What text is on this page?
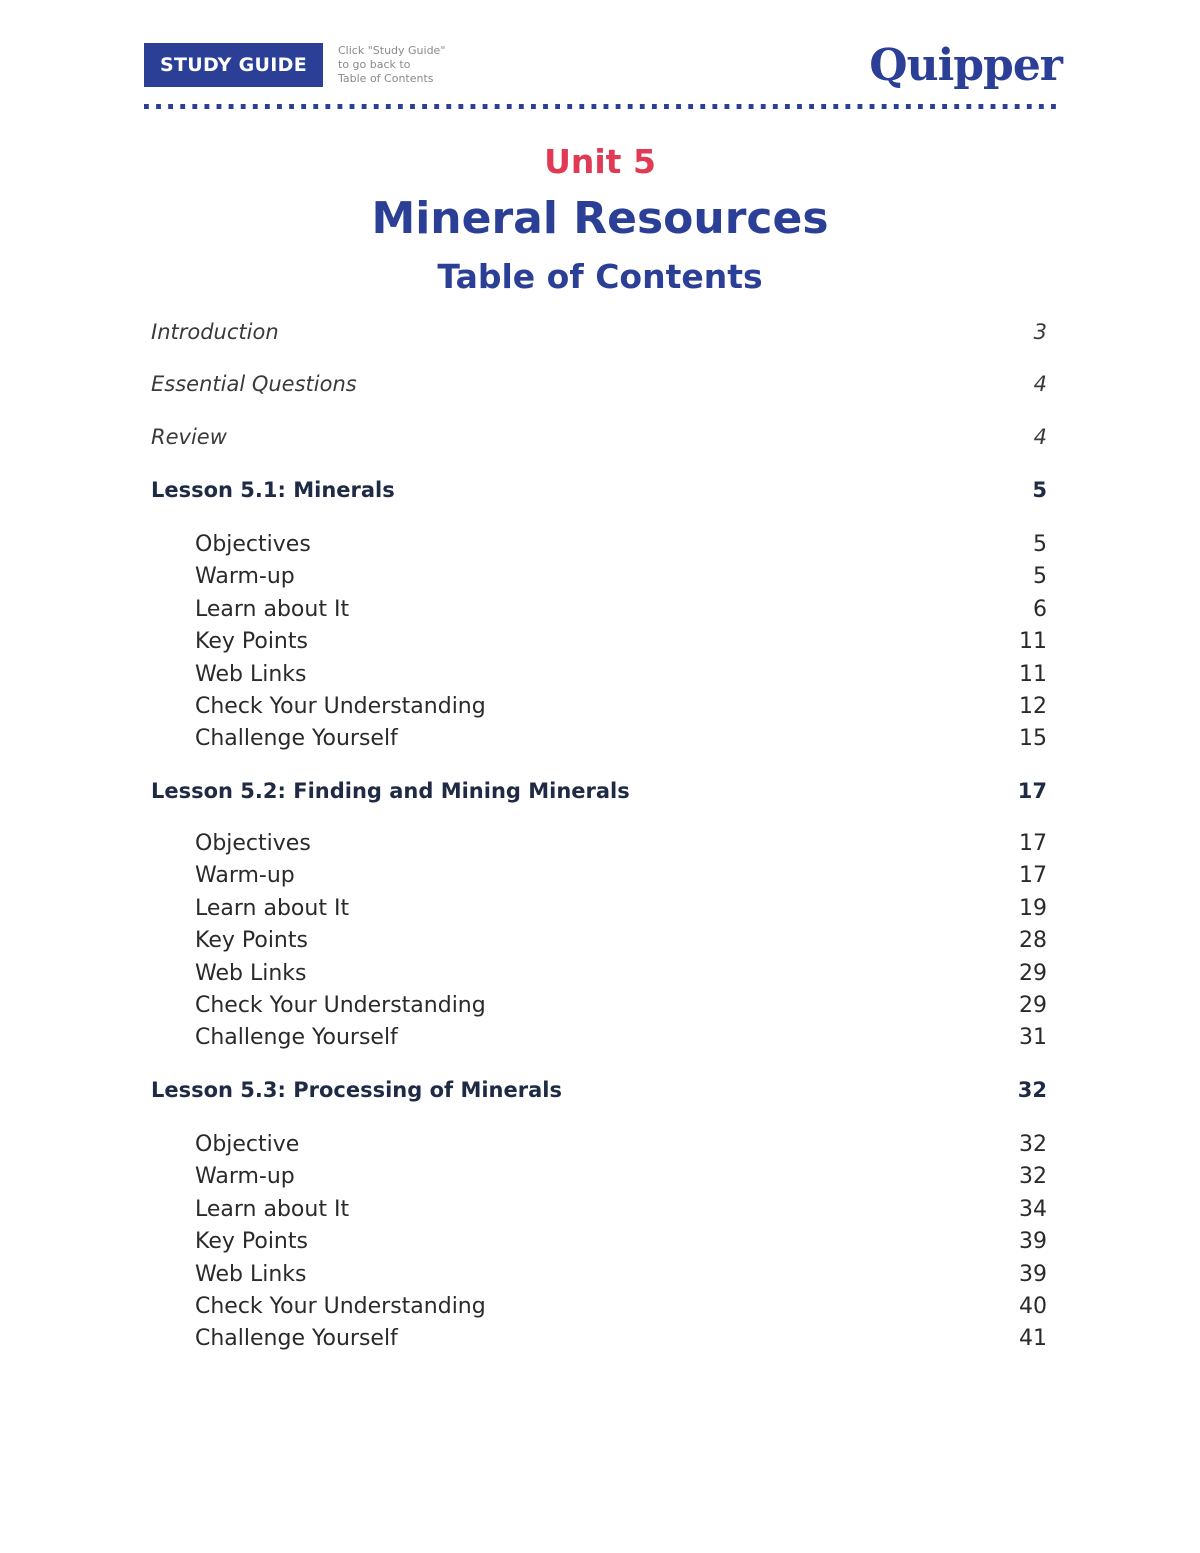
STUDY GUIDE
Click "Study Guide"
to go back to
Table of Contents	Quipper
Unit 5
Mineral Resources
Table of Contents
Introduction	3
Essential Questions	4
Review	4
Lesson 5.1: Minerals	5
Objectives	5
Warm-up	5
Learn about It	6
Key Points	11
Web Links	11
Check Your Understanding	12
Challenge Yourself	15
Lesson 5.2: Finding and Mining Minerals	17
Objectives	17
Warm-up	17
Learn about It	19
Key Points	28
Web Links	29
Check Your Understanding	29
Challenge Yourself	31
Lesson 5.3: Processing of Minerals	32
Objective	32
Warm-up	32
Learn about It	34
Key Points	39
Web Links	39
Check Your Understanding	40
Challenge Yourself	41
